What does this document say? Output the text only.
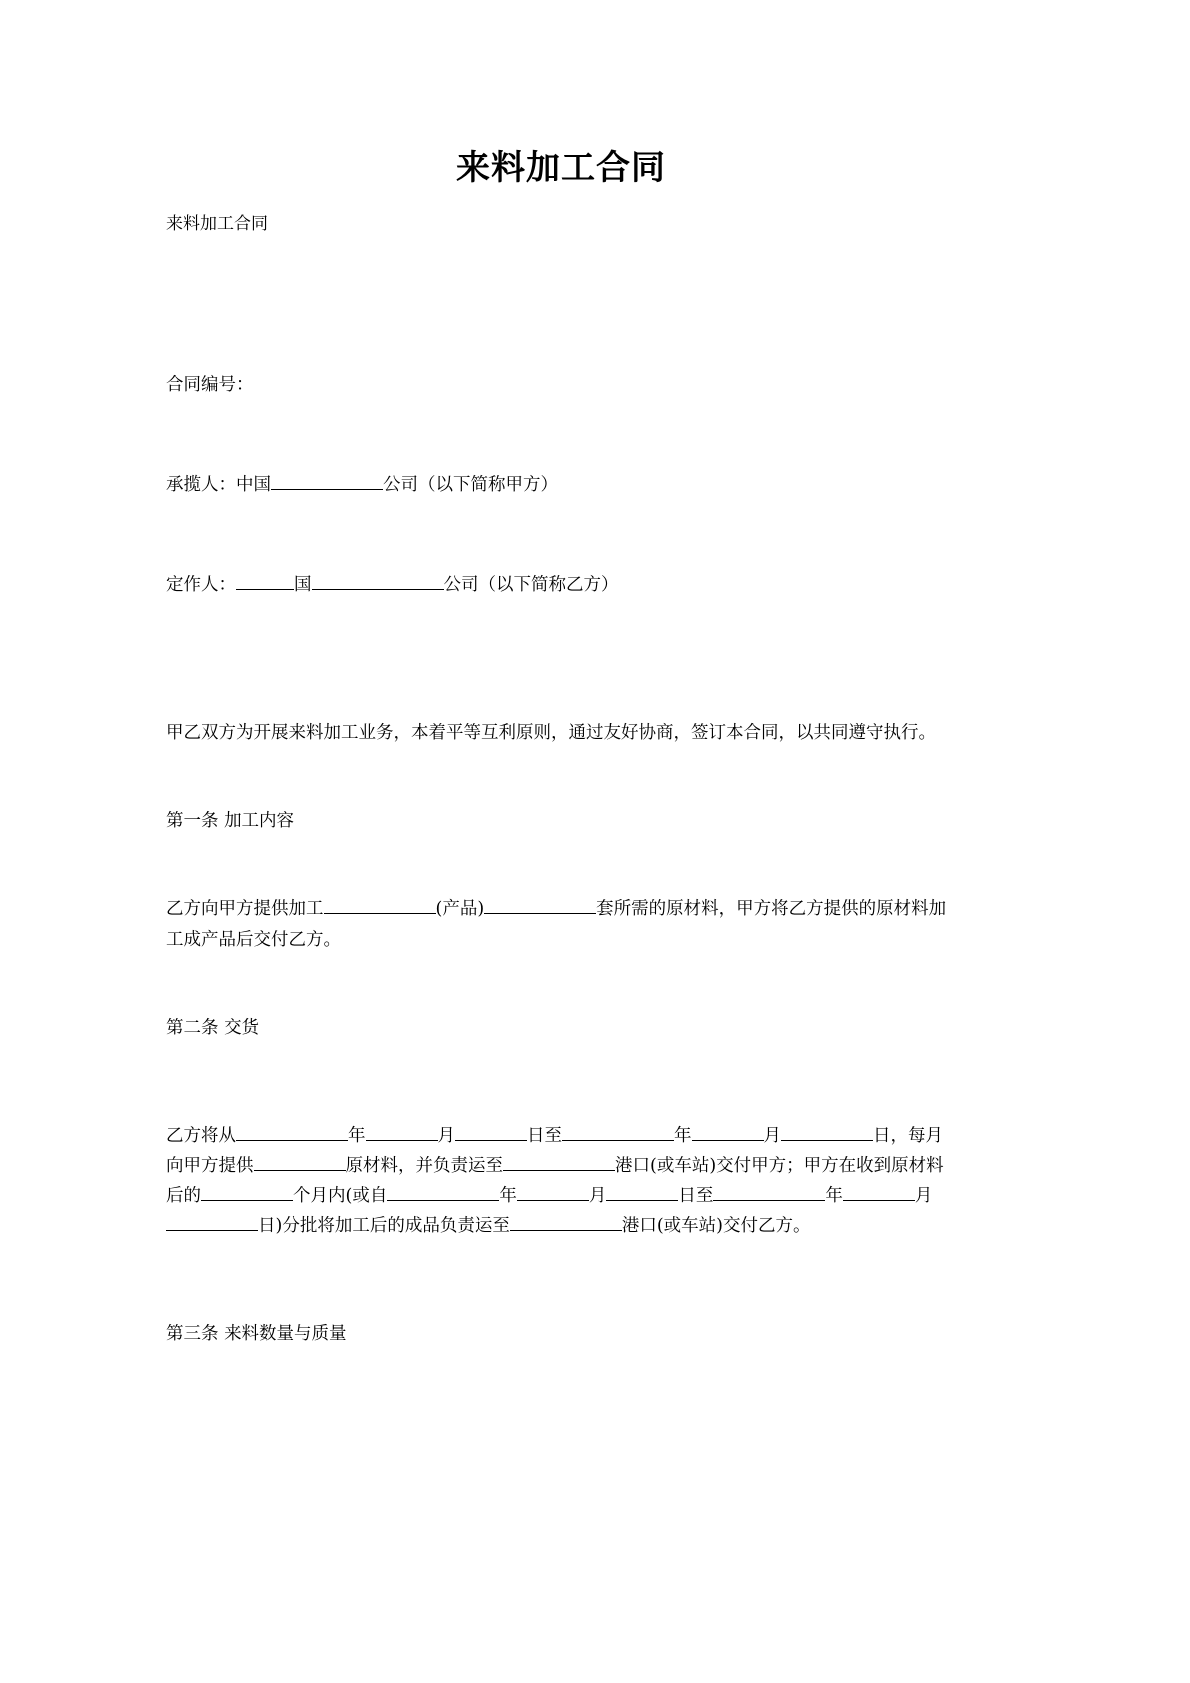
来料加工合同

来料加工合同

合同编号：

承揽人：中国	公司（以下简称甲方）

定作人：	国	公司（以下简称乙方）

甲乙双方为开展来料加工业务，本着平等互利原则，通过友好协商，签订本合同，以共同遵守执行。

第一条 加工内容

乙方向甲方提供加工	(产品)	套所需的原材料，甲方将乙方提供的原材料加工成产品后交付乙方。

第二条 交货

乙方将从	年	月	日至	年	月	日，每月向甲方提供	原材料，并负责运至	港口(或车站)交付甲方；甲方在收到原材料后的	个月内(或自	年	月	日至	年	月日)分批将加工后的成品负责运至	港口(或车站)交付乙方。

第三条 来料数量与质量
